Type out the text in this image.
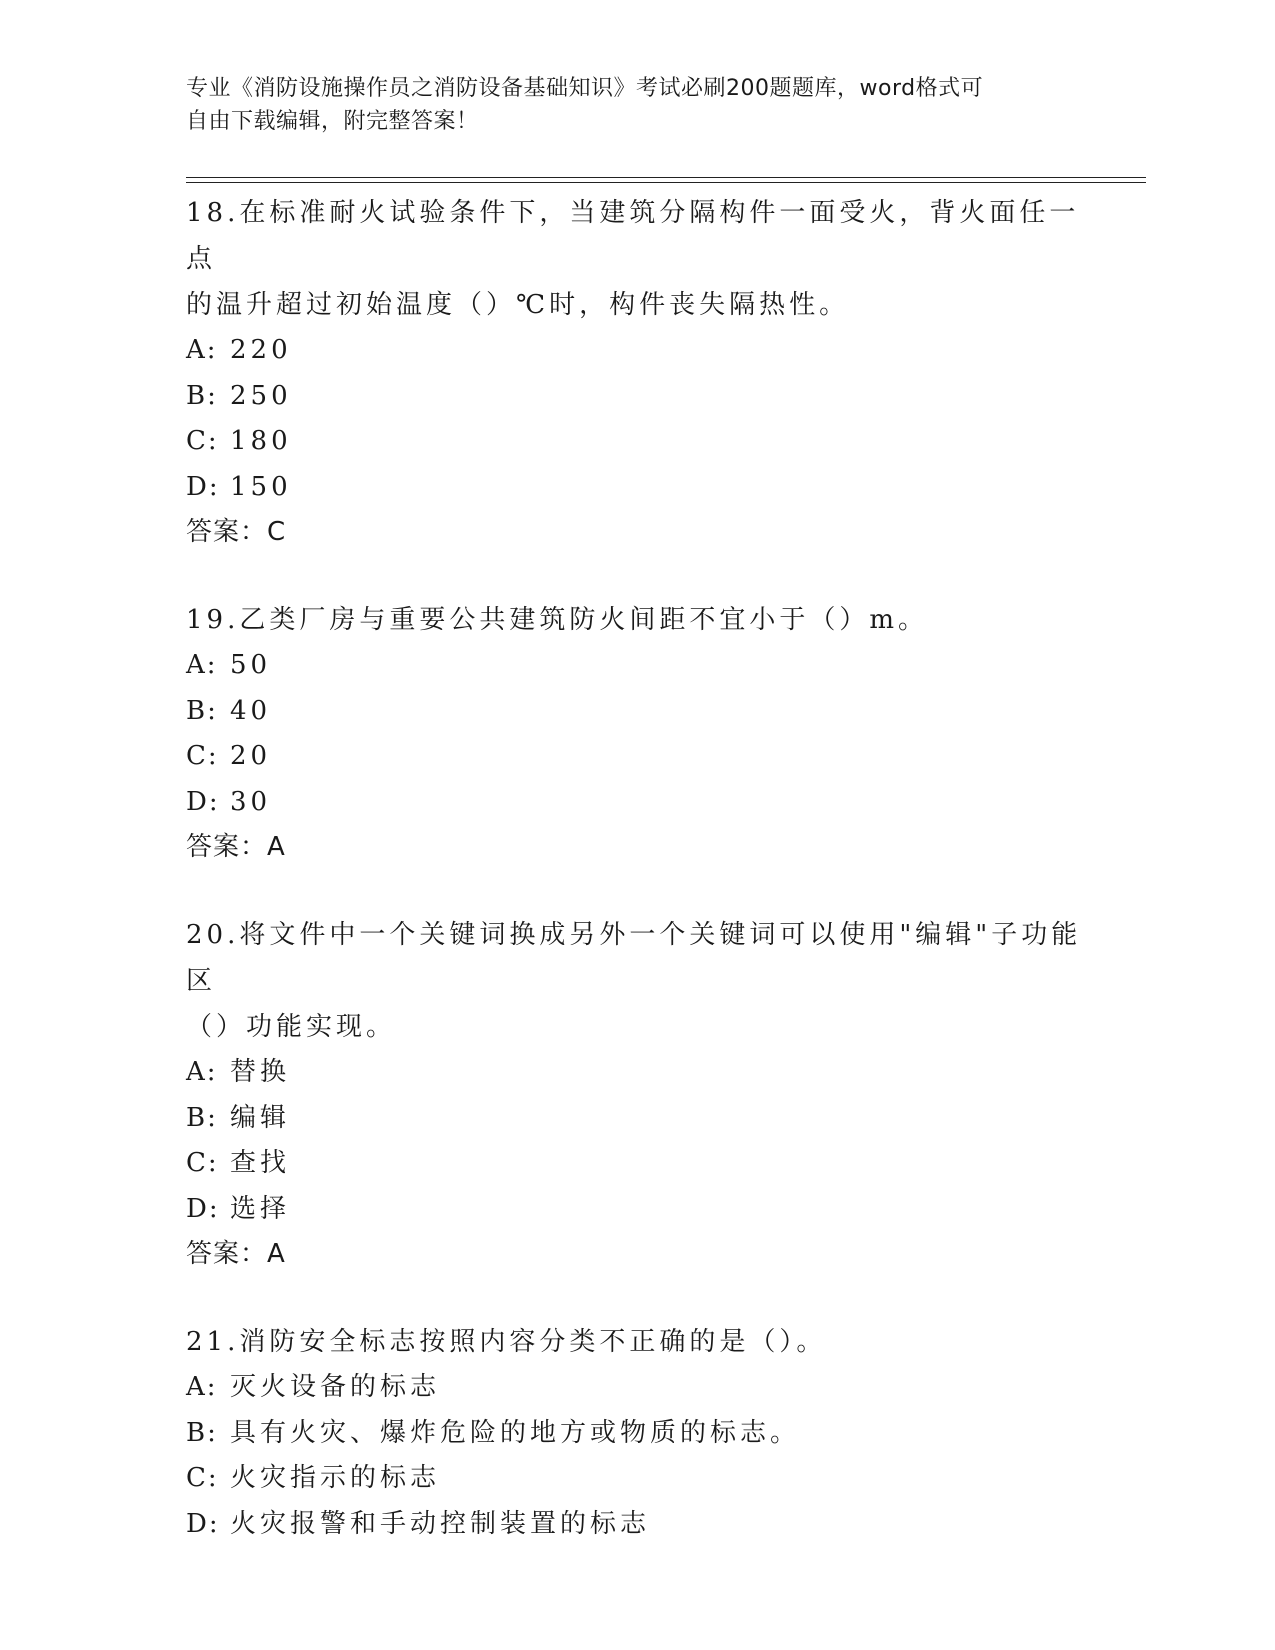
专业《消防设施操作员之消防设备基础知识》考试必刷200题题库，word格式可
自由下载编辑，附完整答案！

18.在标准耐火试验条件下，当建筑分隔构件一面受火，背火面任一点

的温升超过初始温度（）℃时，构件丧失隔热性。

A: 220

B: 250

C: 180

D: 150

答案：C

19.乙类厂房与重要公共建筑防火间距不宜小于（）m。

A: 50

B: 40

C: 20

D: 30

答案：A

20.将文件中一个关键词换成另外一个关键词可以使用"编辑"子功能区

（）功能实现。

A: 替换

B: 编辑

C: 查找

D: 选择

答案：A

21.消防安全标志按照内容分类不正确的是（）。

A: 灭火设备的标志

B: 具有火灾、爆炸危险的地方或物质的标志。

C: 火灾指示的标志

D: 火灾报警和手动控制装置的标志
